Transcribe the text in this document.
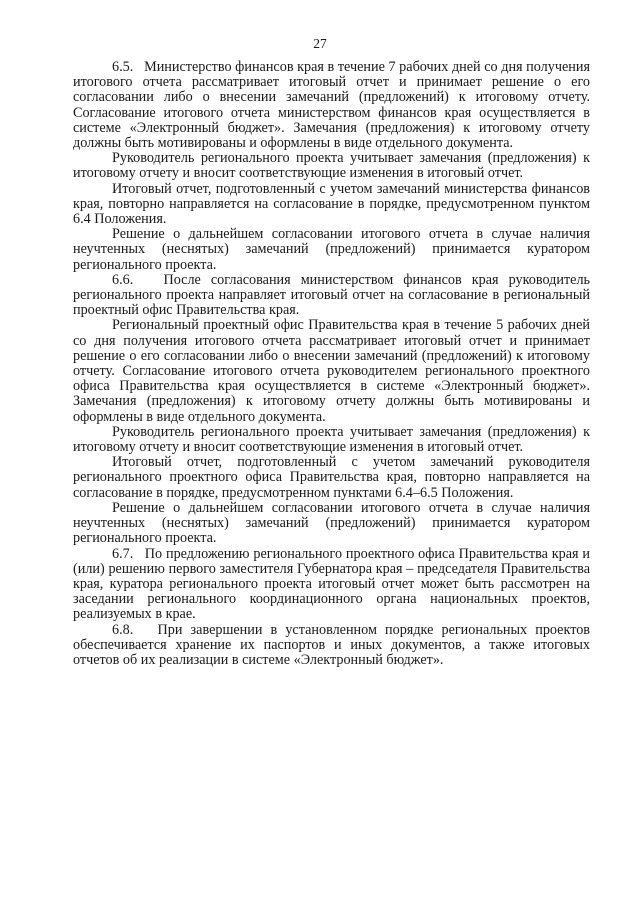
27

6.5.   Министерство финансов края в течение 7 рабочих дней со дня получения итогового отчета рассматривает итоговый отчет и принимает решение о его согласовании либо о внесении замечаний (предложений) к итоговому отчету. Согласование итогового отчета министерством финансов края осуществляется в системе «Электронный бюджет». Замечания (предложения) к итоговому отчету должны быть мотивированы и оформлены в виде отдельного документа.

Руководитель регионального проекта учитывает замечания (предложения) к итоговому отчету и вносит соответствующие изменения в итоговый отчет.

Итоговый отчет, подготовленный с учетом замечаний министерства финансов края, повторно направляется на согласование в порядке, предусмотренном пунктом 6.4 Положения.

Решение о дальнейшем согласовании итогового отчета в случае наличия неучтенных (неснятых) замечаний (предложений) принимается куратором регионального проекта.

6.6.   После согласования министерством финансов края руководитель регионального проекта направляет итоговый отчет на согласование в региональный проектный офис Правительства края.

Региональный проектный офис Правительства края в течение 5 рабочих дней со дня получения итогового отчета рассматривает итоговый отчет и принимает решение о его согласовании либо о внесении замечаний (предложений) к итоговому отчету. Согласование итогового отчета руководителем регионального проектного офиса Правительства края осуществляется в системе «Электронный бюджет». Замечания (предложения) к итоговому отчету должны быть мотивированы и оформлены в виде отдельного документа.

Руководитель регионального проекта учитывает замечания (предложения) к итоговому отчету и вносит соответствующие изменения в итоговый отчет.

Итоговый отчет, подготовленный с учетом замечаний руководителя регионального проектного офиса Правительства края, повторно направляется на согласование в порядке, предусмотренном пунктами 6.4–6.5 Положения.

Решение о дальнейшем согласовании итогового отчета в случае наличия неучтенных (неснятых) замечаний (предложений) принимается куратором регионального проекта.

6.7.   По предложению регионального проектного офиса Правительства края и (или) решению первого заместителя Губернатора края – председателя Правительства края, куратора регионального проекта итоговый отчет может быть рассмотрен на заседании регионального координационного органа национальных проектов, реализуемых в крае.

6.8.   При завершении в установленном порядке региональных проектов обеспечивается хранение их паспортов и иных документов, а также итоговых отчетов об их реализации в системе «Электронный бюджет».
